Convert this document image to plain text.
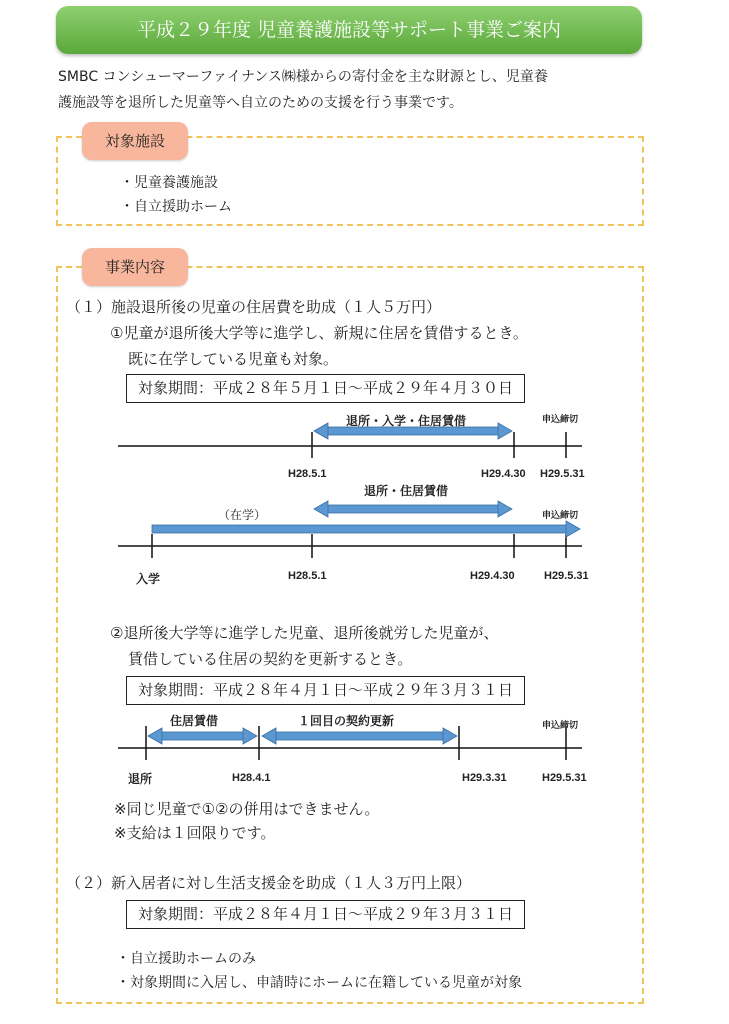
平成２９年度 児童養護施設等サポート事業ご案内
SMBC コンシューマーファイナンス㈱様からの寄付金を主な財源とし、児童養
護施設等を退所した児童等へ自立のための支援を行う事業です。
対象施設
・児童養護施設
・自立援助ホーム
事業内容
（１）施設退所後の児童の住居費を助成（１人５万円）
①児童が退所後大学等に進学し、新規に住居を賃借するとき。
既に在学している児童も対象。
対象期間：平成２８年５月１日〜平成２９年４月３０日
退所・入学・住居賃借	申込締切
H28.5.1	H29.4.30 H29.5.31
退所・住居賃借
（在学）	申込締切
入学	H28.5.1	H29.4.30	H29.5.31
②退所後大学等に進学した児童、退所後就労した児童が、
賃借している住居の契約を更新するとき。
対象期間：平成２８年４月１日〜平成２９年３月３１日
住居賃借	１回目の契約更新	申込締切
退所	H28.4.1	H29.3.31	H29.5.31
※同じ児童で①②の併用はできません。
※支給は１回限りです。
（２）新入居者に対し生活支援金を助成（１人３万円上限）
対象期間：平成２８年４月１日〜平成２９年３月３１日
・自立援助ホームのみ
・対象期間に入居し、申請時にホームに在籍している児童が対象
